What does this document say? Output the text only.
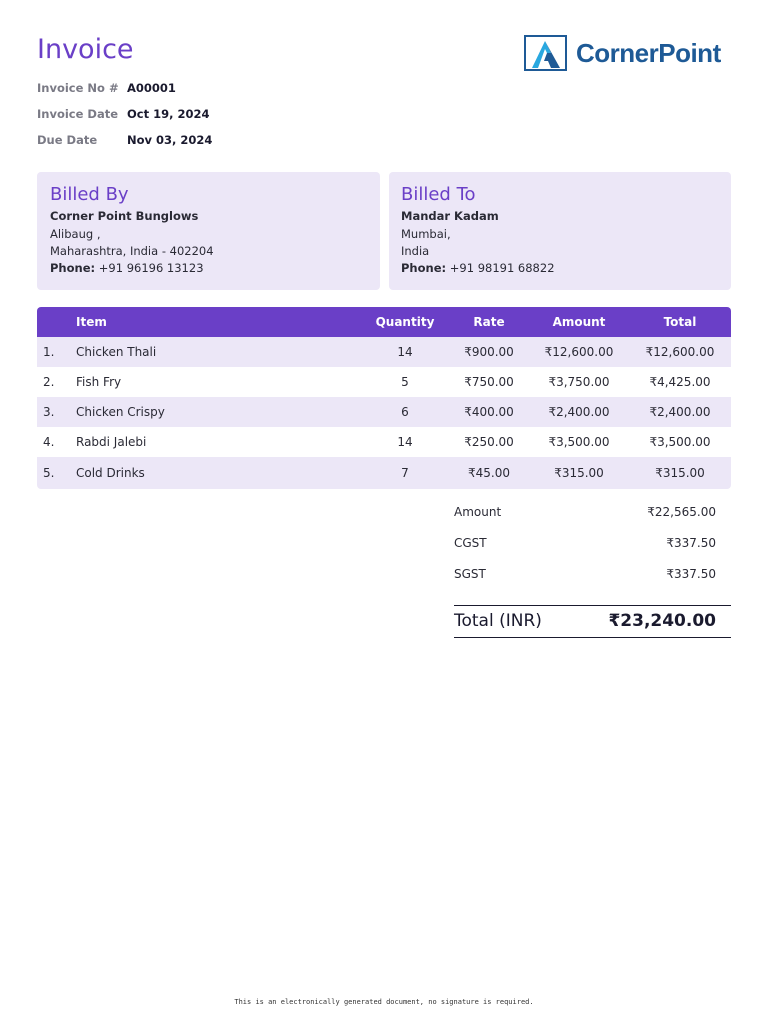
Invoice	CornerPoint
Invoice No # A00001
Invoice Date Oct 19, 2024
Due Date	Nov 03, 2024
Billed By
Corner Point Bunglows
Alibaug ,
Maharashtra, India - 402204
Phone: +91 96196 13123
Billed To
Mandar Kadam
Mumbai,
India
Phone: +91 98191 68822
Item	Quantity	Rate	Amount	Total
1. Chicken Thali	14	₹900.00	₹12,600.00	₹12,600.00
2. Fish Fry	5	₹750.00	₹3,750.00	₹4,425.00
3. Chicken Crispy	6	₹400.00	₹2,400.00	₹2,400.00
4. Rabdi Jalebi	14	₹250.00	₹3,500.00	₹3,500.00
5. Cold Drinks	7	₹45.00	₹315.00	₹315.00
Amount	₹22,565.00
CGST	₹337.50
SGST	₹337.50
Total (INR)	₹23,240.00
This is an electronically generated document, no signature is required.
